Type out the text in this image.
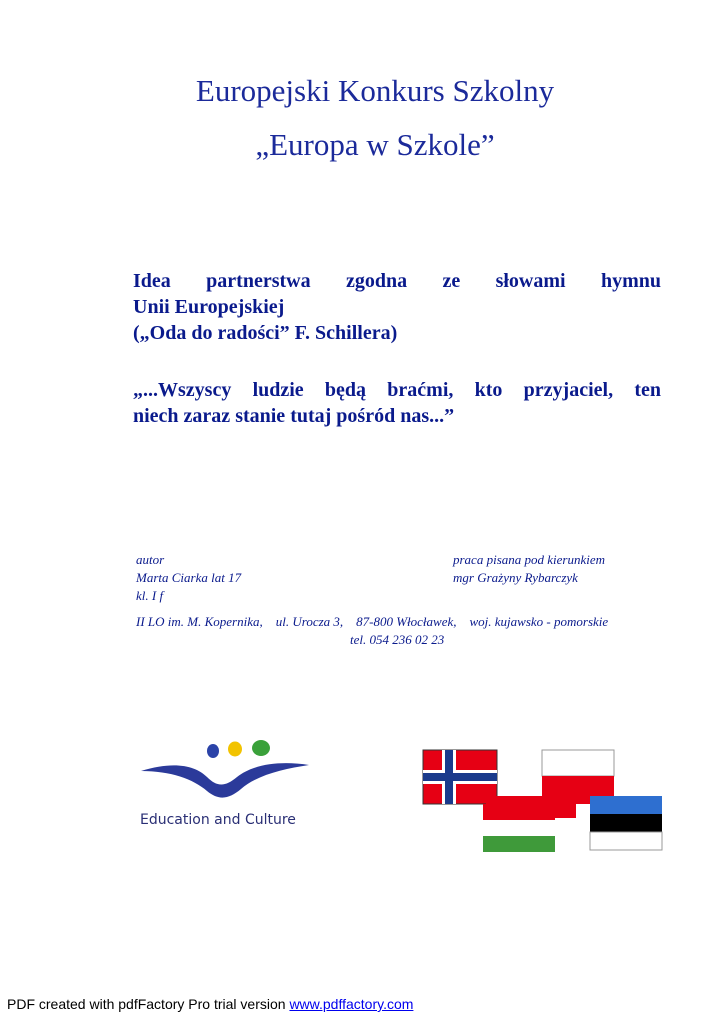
Europejski Konkurs Szkolny
„Europa w Szkole”
Idea partnerstwa zgodna ze słowami hymnu
Unii Europejskiej
(„Oda do radości” F. Schillera)
„...Wszyscy ludzie będą braćmi, kto przyjaciel, ten
niech zaraz stanie tutaj pośród nas...”
autor
Marta Ciarka lat 17
kl. I f
praca pisana pod kierunkiem
mgr Grażyny Rybarczyk
II LO im. M. Kopernika,    ul. Urocza 3,    87-800 Włocławek,    woj. kujawsko - pomorskie
tel. 054 236 02 23
Education and Culture
PDF created with pdfFactory Pro trial version www.pdffactory.com
